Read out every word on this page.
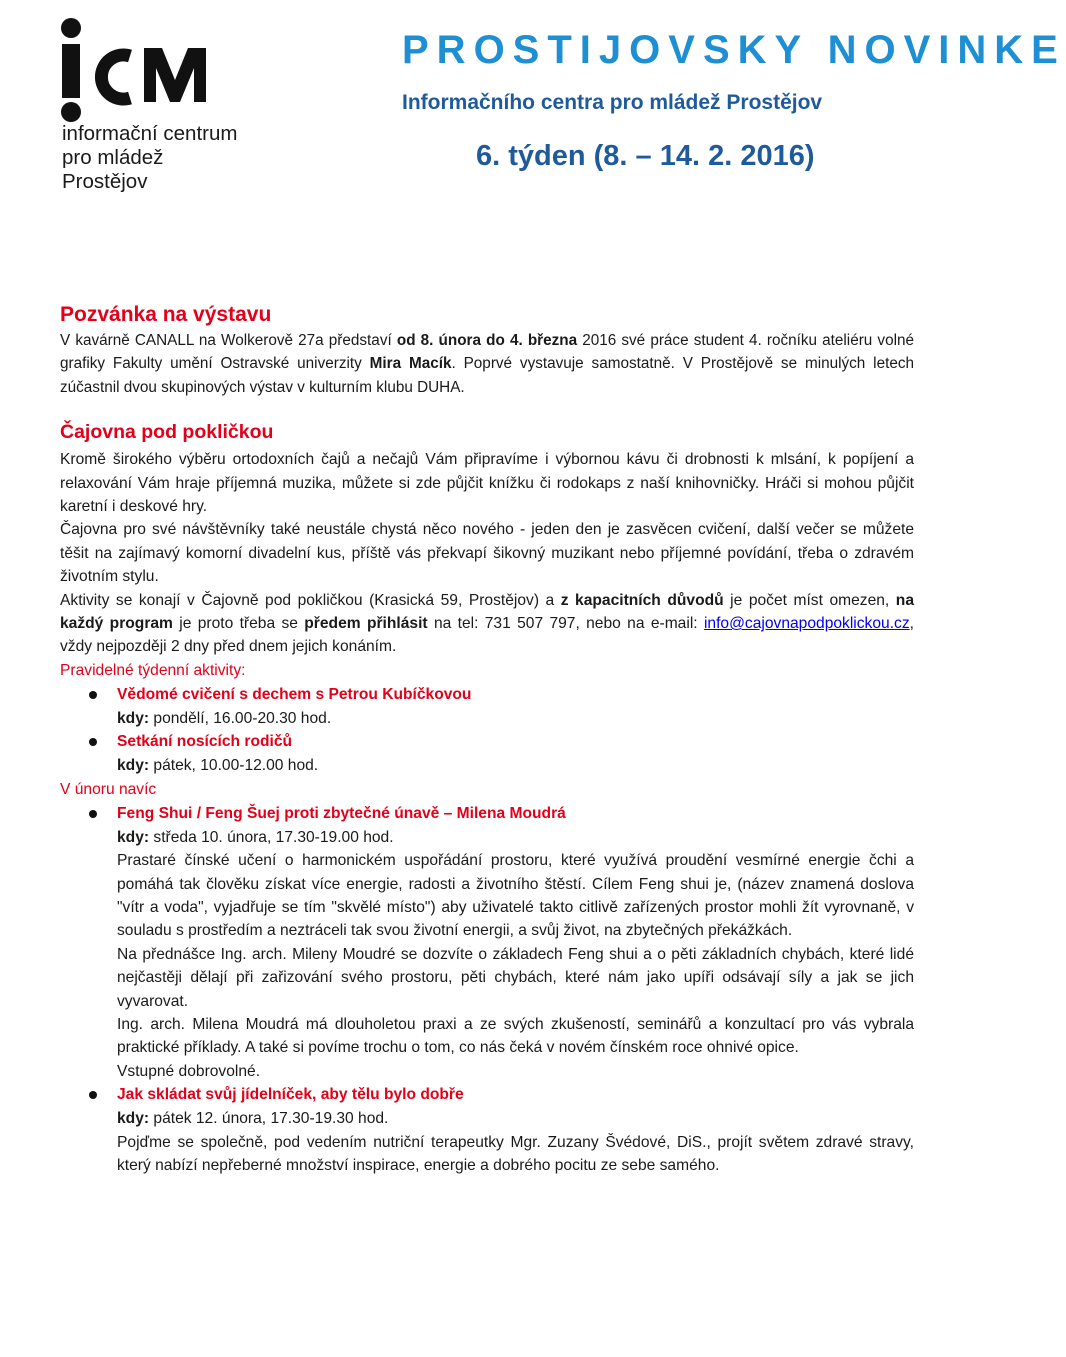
informační centrum
pro mládež
Prostějov
PROSTIJOVSKY NOVINKE
Informačního centra pro mládež Prostějov
6. týden (8. – 14. 2. 2016)
Pozvánka na výstavu

V kavárně CANALL na Wolkerově 27a představí od 8. února do 4. března 2016 své práce student 4. ročníku ateliéru volné grafiky Fakulty umění Ostravské univerzity Mira Macík. Poprvé vystavuje samostatně. V Prostějově se minulých letech zúčastnil dvou skupinových výstav v kulturním klubu DUHA.

Čajovna pod pokličkou

Kromě širokého výběru ortodoxních čajů a nečajů Vám připravíme i výbornou kávu či drobnosti k mlsání, k popíjení a relaxování Vám hraje příjemná muzika, můžete si zde půjčit knížku či rodokaps z naší knihovničky. Hráči si mohou půjčit karetní i deskové hry.

Čajovna pro své návštěvníky také neustále chystá něco nového - jeden den je zasvěcen cvičení, další večer se můžete těšit na zajímavý komorní divadelní kus, příště vás překvapí šikovný muzikant nebo příjemné povídání, třeba o zdravém životním stylu.

Aktivity se konají v Čajovně pod pokličkou (Krasická 59, Prostějov) a z kapacitních důvodů je počet míst omezen, na každý program je proto třeba se předem přihlásit na tel: 731 507 797, nebo na e-mail: info@cajovnapodpoklickou.cz, vždy nejpozději 2 dny před dnem jejich konáním.

Pravidelné týdenní aktivity:
Vědomé cvičení s dechem s Petrou Kubíčkovou
kdy: pondělí, 16.00-20.30 hod.
Setkání nosících rodičů
kdy: pátek, 10.00-12.00 hod.
V únoru navíc
Feng Shui / Feng Šuej proti zbytečné únavě – Milena Moudrá
kdy: středa 10. února, 17.30-19.00 hod.
Prastaré čínské učení o harmonickém uspořádání prostoru, které využívá proudění vesmírné energie čchi a pomáhá tak člověku získat více energie, radosti a životního štěstí. Cílem Feng shui je, (název znamená doslova "vítr a voda", vyjadřuje se tím "skvělé místo") aby uživatelé takto citlivě zařízených prostor mohli žít vyrovnaně, v souladu s prostředím a neztráceli tak svou životní energii, a svůj život, na zbytečných překážkách.
Na přednášce Ing. arch. Mileny Moudré se dozvíte o základech Feng shui a o pěti základních chybách, které lidé nejčastěji dělají při zařizování svého prostoru, pěti chybách, které nám jako upíři odsávají síly a jak se jich vyvarovat.
Ing. arch. Milena Moudrá má dlouholetou praxi a ze svých zkušeností, seminářů a konzultací pro vás vybrala praktické příklady. A také si povíme trochu o tom, co nás čeká v novém čínském roce ohnivé opice.
Vstupné dobrovolné.
Jak skládat svůj jídelníček, aby tělu bylo dobře
kdy: pátek 12. února, 17.30-19.30 hod.
Pojďme se společně, pod vedením nutriční terapeutky Mgr. Zuzany Švédové, DiS., projít světem zdravé stravy, který nabízí nepřeberné množství inspirace, energie a dobrého pocitu ze sebe samého.
